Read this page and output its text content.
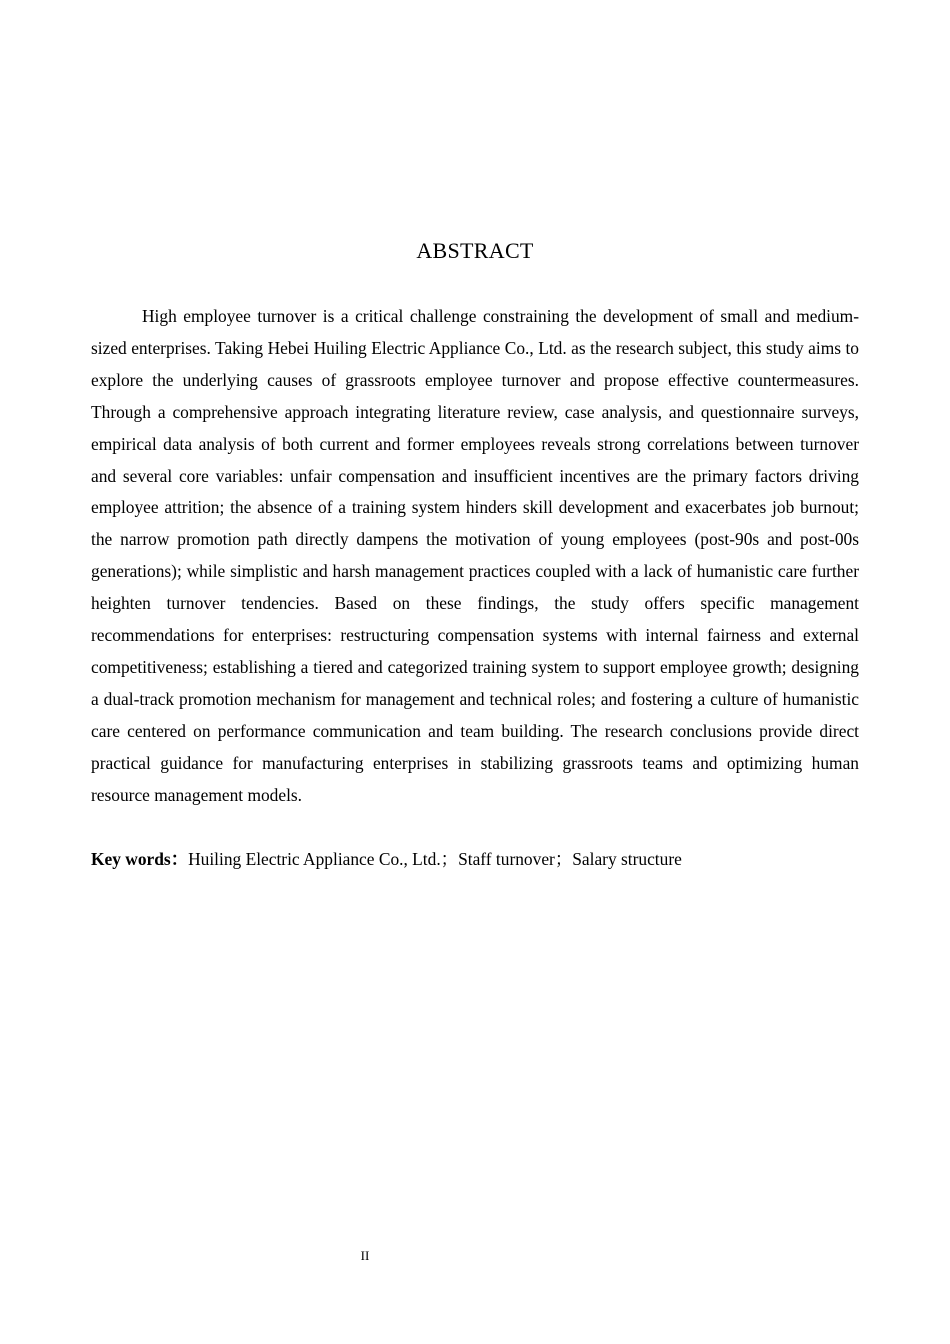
ABSTRACT

High employee turnover is a critical challenge constraining the development of small and medium-sized enterprises. Taking Hebei Huiling Electric Appliance Co., Ltd. as the research subject, this study aims to explore the underlying causes of grassroots employee turnover and propose effective countermeasures. Through a comprehensive approach integrating literature review, case analysis, and questionnaire surveys, empirical data analysis of both current and former employees reveals strong correlations between turnover and several core variables: unfair compensation and insufficient incentives are the primary factors driving employee attrition; the absence of a training system hinders skill development and exacerbates job burnout; the narrow promotion path directly dampens the motivation of young employees (post-90s and post-00s generations); while simplistic and harsh management practices coupled with a lack of humanistic care further heighten turnover tendencies. Based on these findings, the study offers specific management recommendations for enterprises: restructuring compensation systems with internal fairness and external competitiveness; establishing a tiered and categorized training system to support employee growth; designing a dual-track promotion mechanism for management and technical roles; and fostering a culture of humanistic care centered on performance communication and team building. The research conclusions provide direct practical guidance for manufacturing enterprises in stabilizing grassroots teams and optimizing human resource management models.

Key words：Huiling Electric Appliance Co., Ltd.；Staff turnover；Salary structure

II
